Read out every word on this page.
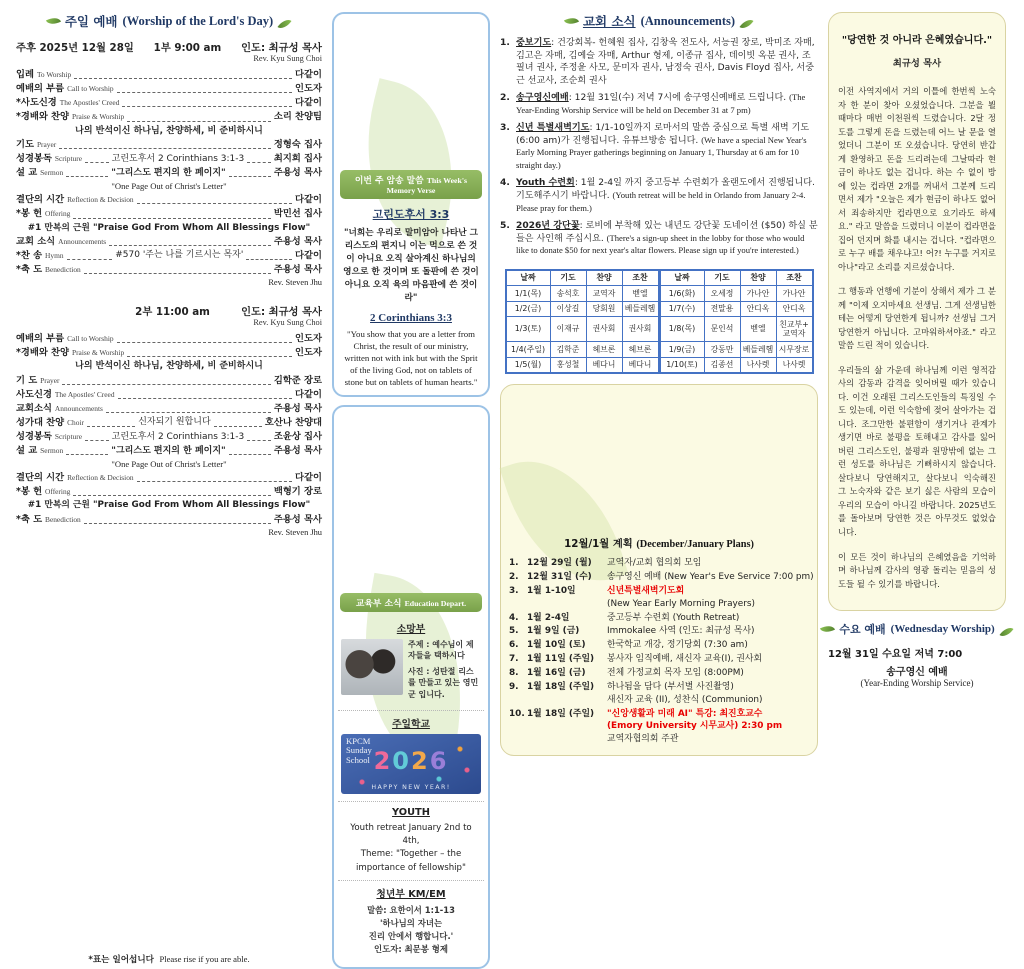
주일 예배 (Worship of the Lord's Day)
주후 2025년 12월 28일 1부 9:00 am 인도: 최규성 목사
Rev. Kyu Sung Choi
입례 To Worship	다같이
예배의 부름 Call to Worship	인도자
*사도신경 The Apostles' Creed	다같이
*경배와 찬양 Praise & Worship	소리 찬양팀
나의 반석이신 하나님, 찬양하세, 비 준비하시니
기도 Prayer	정형숙 집사
성경봉독 Scripture	고린도후서 2 Corinthians 3:1-3	최지희 집사
설 교 Sermon	"그리스도 편지의 한 페이지"	주용성 목사
"One Page Out of Christ's Letter"
결단의 시간 Reflection & Decision	다같이
*봉 헌 Offering	박민선 집사
#1 만복의 근원 "Praise God From Whom All Blessings Flow"
교회 소식 Announcements	주용성 목사
*찬 송 Hymn	#570 '주는 나를 기르시는 목자'	다같이
*축 도 Benediction	주용성 목사
Rev. Steven Jhu
2부 11:00 am	인도: 최규성 목사
Rev. Kyu Sung Choi
예배의 부름 Call to Worship	인도자
*경배와 찬양 Praise & Worship	인도자
나의 반석이신 하나님, 찬양하세, 비 준비하시니
기 도 Prayer	김학준 장로
사도신경 The Apostles' Creed	다같이
교회소식 Announcements	주용성 목사
성가대 찬양 Choir	신자되기 원합니다	호산나 찬양대
성경봉독 Scripture	고린도후서 2 Corinthians 3:1-3	조윤상 집사
설 교 Sermon	"그리스도 편지의 한 페이지"	주용성 목사
"One Page Out of Christ's Letter"
결단의 시간 Reflection & Decision	다같이
*봉 헌 Offering	백형기 장로
#1 만복의 근원 "Praise God From Whom All Blessings Flow"
*축 도 Benediction	주용성 목사
Rev. Steven Jhu
*표는 일어섭니다 Please rise if you are able.
이번 주 암송 말씀 This Week's Memory Verse
고린도후서 3:3
"너희는 우리로 말미암아 나타난 그리스도의 편지니 이는 먹으로 쓴 것이 아니요 오직 살아계신 하나님의 영으로 한 것이며 또 돌판에 쓴 것이 아니요 오직 육의 마음판에 쓴 것이라"
2 Corinthians 3:3
"You show that you are a letter from Christ, the result of our ministry, written not with ink but with the Sprit of the living God, not on tablets of stone but on tablets of human hearts."
교육부 소식 Education Depart.
소망부
주제 : 예수님이 제자들을 택하시다
사진 : 성탄절 리스를 만들고 있는 영민군 입니다.
주일학교
KPCM
Sunday
School 2026
HAPPY NEW YEAR!
YOUTH
Youth retreat January 2nd to 4th,
Theme: "Together – the
importance of fellowship"
청년부 KM/EM
말씀: 요한이서 1:1-13
'하나님의 자녀는
진리 안에서 행합니다.'
인도자: 최문봉 형제
교회 소식 (Announcements)
1. 중보기도: 건강회복- 헌혜원 집사, 김창욱 전도사, 서능권 장로, 박미조 자매, 김고은 자매, 김예슬 자매, Arthur 형제, 이종규 집사, 데이빗 옥분 권사, 조필녀 권사, 주정윤 사모, 문미자 권사, 남정숙 권사, Davis Floyd 집사, 서중근 선교사, 조순희 권사
2. 송구영신예배: 12월 31일(수) 저녁 7시에 송구영신예배로 드립니다. (The Year-Ending Worship Service will be held on December 31 at 7 pm)
3. 신년 특별새벽기도: 1/1-10일까지 로마서의 말씀 중심으로 특별 새벽 기도(6:00 am)가 진행됩니다. 유튜브방송 됩니다. (We have a special New Year's Early Morning Prayer gatherings beginning on January 1, Thursday at 6 am for 10 straight day.)
4. Youth 수련회: 1월 2-4일 까지 중고등부 수련회가 올랜도에서 진행됩니다. 기도해주시기 바랍니다. (Youth retreat will be held in Orlando from January 2-4. Please pray for them.)
5. 2026년 강단꽃: 로비에 부착해 있는 내년도 강단꽃 도네이션 ($50) 하실 분들은 사인해 주십시요. (There's a sign-up sheet in the lobby for those who would like to donate $50 for next year's altar flowers. Please sign up if you're interested.)
날짜	기도	찬양	조찬	날짜	기도	찬양	조찬
1/1(목)	송석호	교역자	벧엘	1/6(화)	오세정	가나안	가나안
1/2(금)	이상길	당회원	베들레헴	1/7(수)	전말용	안디옥	안디옥
1/3(토)	이재규	권사회	권사회	1/8(목)	문인석	벧엘	친교부+ 교역자
1/4(주일)	김학준	헤브론	헤브론	1/9(금)	강동만	베들레헴	시무장로
1/5(월)	홍성철	베다니	베다니	1/10(토)	김종선	나사렛	나사렛
12월/1월 계획 (December/January Plans)
1. 12월 29일 (월)	교역자/교회 협의회 모임
2. 12월 31일 (수)	송구영신 예배 (New Year's Eve Service 7:00 pm)
3. 1월 1-10일	신년특별새벽기도회
(New Year Early Morning Prayers)
4. 1월 2-4일	중고등부 수련회 (Youth Retreat)
5. 1월 9일 (금)	Immokalee 사역 (인도: 최규성 목사)
6. 1월 10일 (토)	한국학교 개강, 정기당회 (7:30 am)
7. 1월 11일 (주일)	봉사자 임직예배, 새신자 교육(I), 권사회
8. 1월 16일 (금)	전체 가정교회 목자 모임 (8:00PM)
9. 1월 18일 (주일)	하나됨을 담다 (부서별 사진촬영)
새신자 교육 (II), 성찬식 (Communion)
10. 1월 18일 (주일)	"신앙생활과 미래 AI" 특강: 최진호교수
(Emory University 시무교사) 2:30 pm
교역자협의회 주관
"당연한 것 아니라 은혜였습니다."
최규성 목사

이전 사역지에서 거의 이틀에 한번씩 노숙자 한 분이 찾아 오셨었습니다. 그분을 뵐 때마다 매번 이천원씩 드렸습니다. 2달 정도를 그렇게 돈을 드렸는데 어느 날 문을 열었더니 그분이 또 오셨습니다. 당연히 반갑게 환영하고 돈을 드리려는데 그날따라 현금이 하나도 없는 겁니다. 하는 수 없이 방에 있는 컵라면 2개를 꺼내서 그분께 드리면서 제가 "오늘은 제가 현금이 하나도 없어서 죄송하지만 컵라면으로 요기라도 하세요." 라고 말씀을 드렸더니 이분이 컵라면을 집어 던지며 화를 내시는 겁니다. "컵라면으로 누구 배를 채우냐고! 어?! 누구를 거지로 아나"라고 소리를 지르셨습니다.

그 행동과 언행에 기분이 상해서 제가 그 분께 "이제 오지마세요 선생님. 그게 선생님한테는 어떻게 당연한게 됩니까? 선생님 그거 당연한거 아닙니다. 고마워하셔야죠." 라고 말씀 드린 적이 있습니다.

우리들의 삶 가운데 하나님께 이런 영적감사의 감동과 감격을 잊어버릴 때가 있습니다. 이건 오래된 그리스도인들의 특징일 수도 있는데, 이런 익숙함에 젖어 살아가는 겁니다. 조그만한 불편함이 생기거나 관계가 생기면 바로 불평을 토해내고 감사를 잃어버린 그리스도인, 불평과 원망밖에 없는 그런 성도를 하나님은 기뻐하시지 않습니다. 살다보니 당연해지고, 살다보니 익숙해진 그 노숙자와 같은 보기 싫은 사람의 모습이 우리의 모습이 아니길 바랍니다. 2025년도를 돌아보며 당연한 것은 아무것도 없었습니다.

이 모든 것이 하나님의 은혜였음을 기억하며 하나님께 감사의 영광 돌리는 믿음의 성도들 될 수 있기를 바랍니다.

수요 예배 (Wednesday Worship)
12월 31일 수요일 저녁 7:00
송구영신 예배
(Year-Ending Worship Service)
